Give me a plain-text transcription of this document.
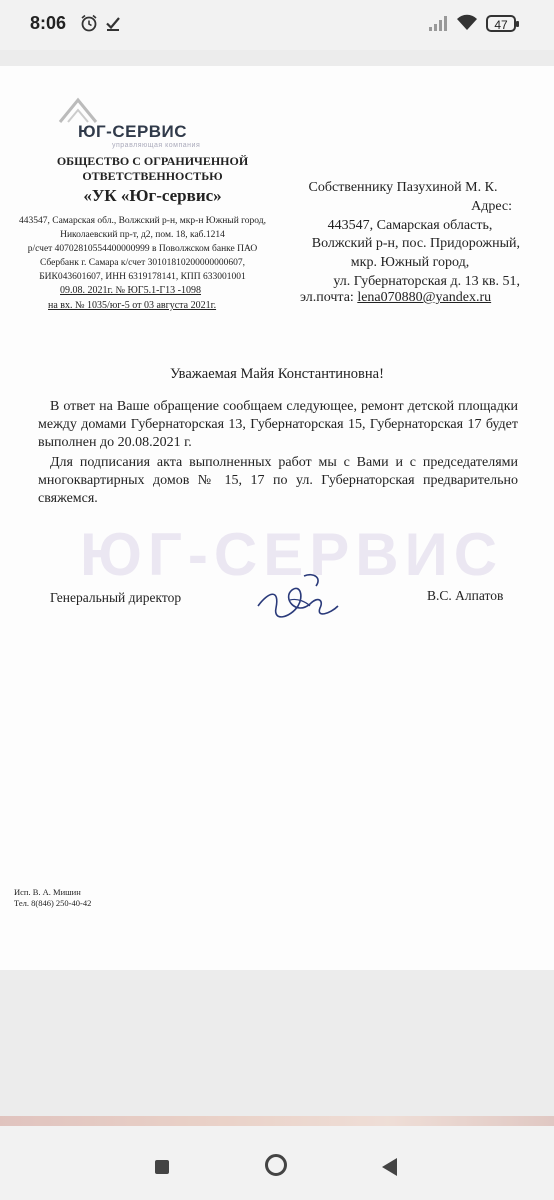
8:06	47
ЮГ-СЕРВИС
управляющая компания
ОБЩЕСТВО С ОГРАНИЧЕННОЙ
ОТВЕТСТВЕННОСТЬЮ
«УК «Юг-сервис»
443547, Самарская обл., Волжский р-н, мкр-н Южный город,
Николаевский пр-т, д2, пом. 18, каб.1214
р/счет 40702810554400000999 в Поволжском банке ПАО
Сбербанк г. Самара к/счет 30101810200000000607,
БИК043601607, ИНН 6319178141, КПП 633001001
09.08. 2021г. № ЮГ5.1-Г13 -1098
на вх. № 1035/юг-5 от 03 августа 2021г.
Собственнику Пазухиной М. К.
Адрес:
443547, Самарская область,
Волжский р-н, пос. Придорожный,
мкр. Южный город,
ул. Губернаторская д. 13 кв. 51,
эл.почта: lena070880@yandex.ru
Уважаемая Майя Константиновна!
В ответ на Ваше обращение сообщаем следующее, ремонт детской площадки между домами Губернаторская 13, Губернаторская 15, Губернаторская 17 будет выполнен до 20.08.2021 г.
Для подписания акта выполненных работ мы с Вами и с председателями многоквартирных домов № 15, 17 по ул. Губернаторская предварительно свяжемся.
ЮГ-СЕРВИС
Генеральный директор	В.С. Алпатов
Исп. В. А. Мишин
Тел. 8(846) 250-40-42
